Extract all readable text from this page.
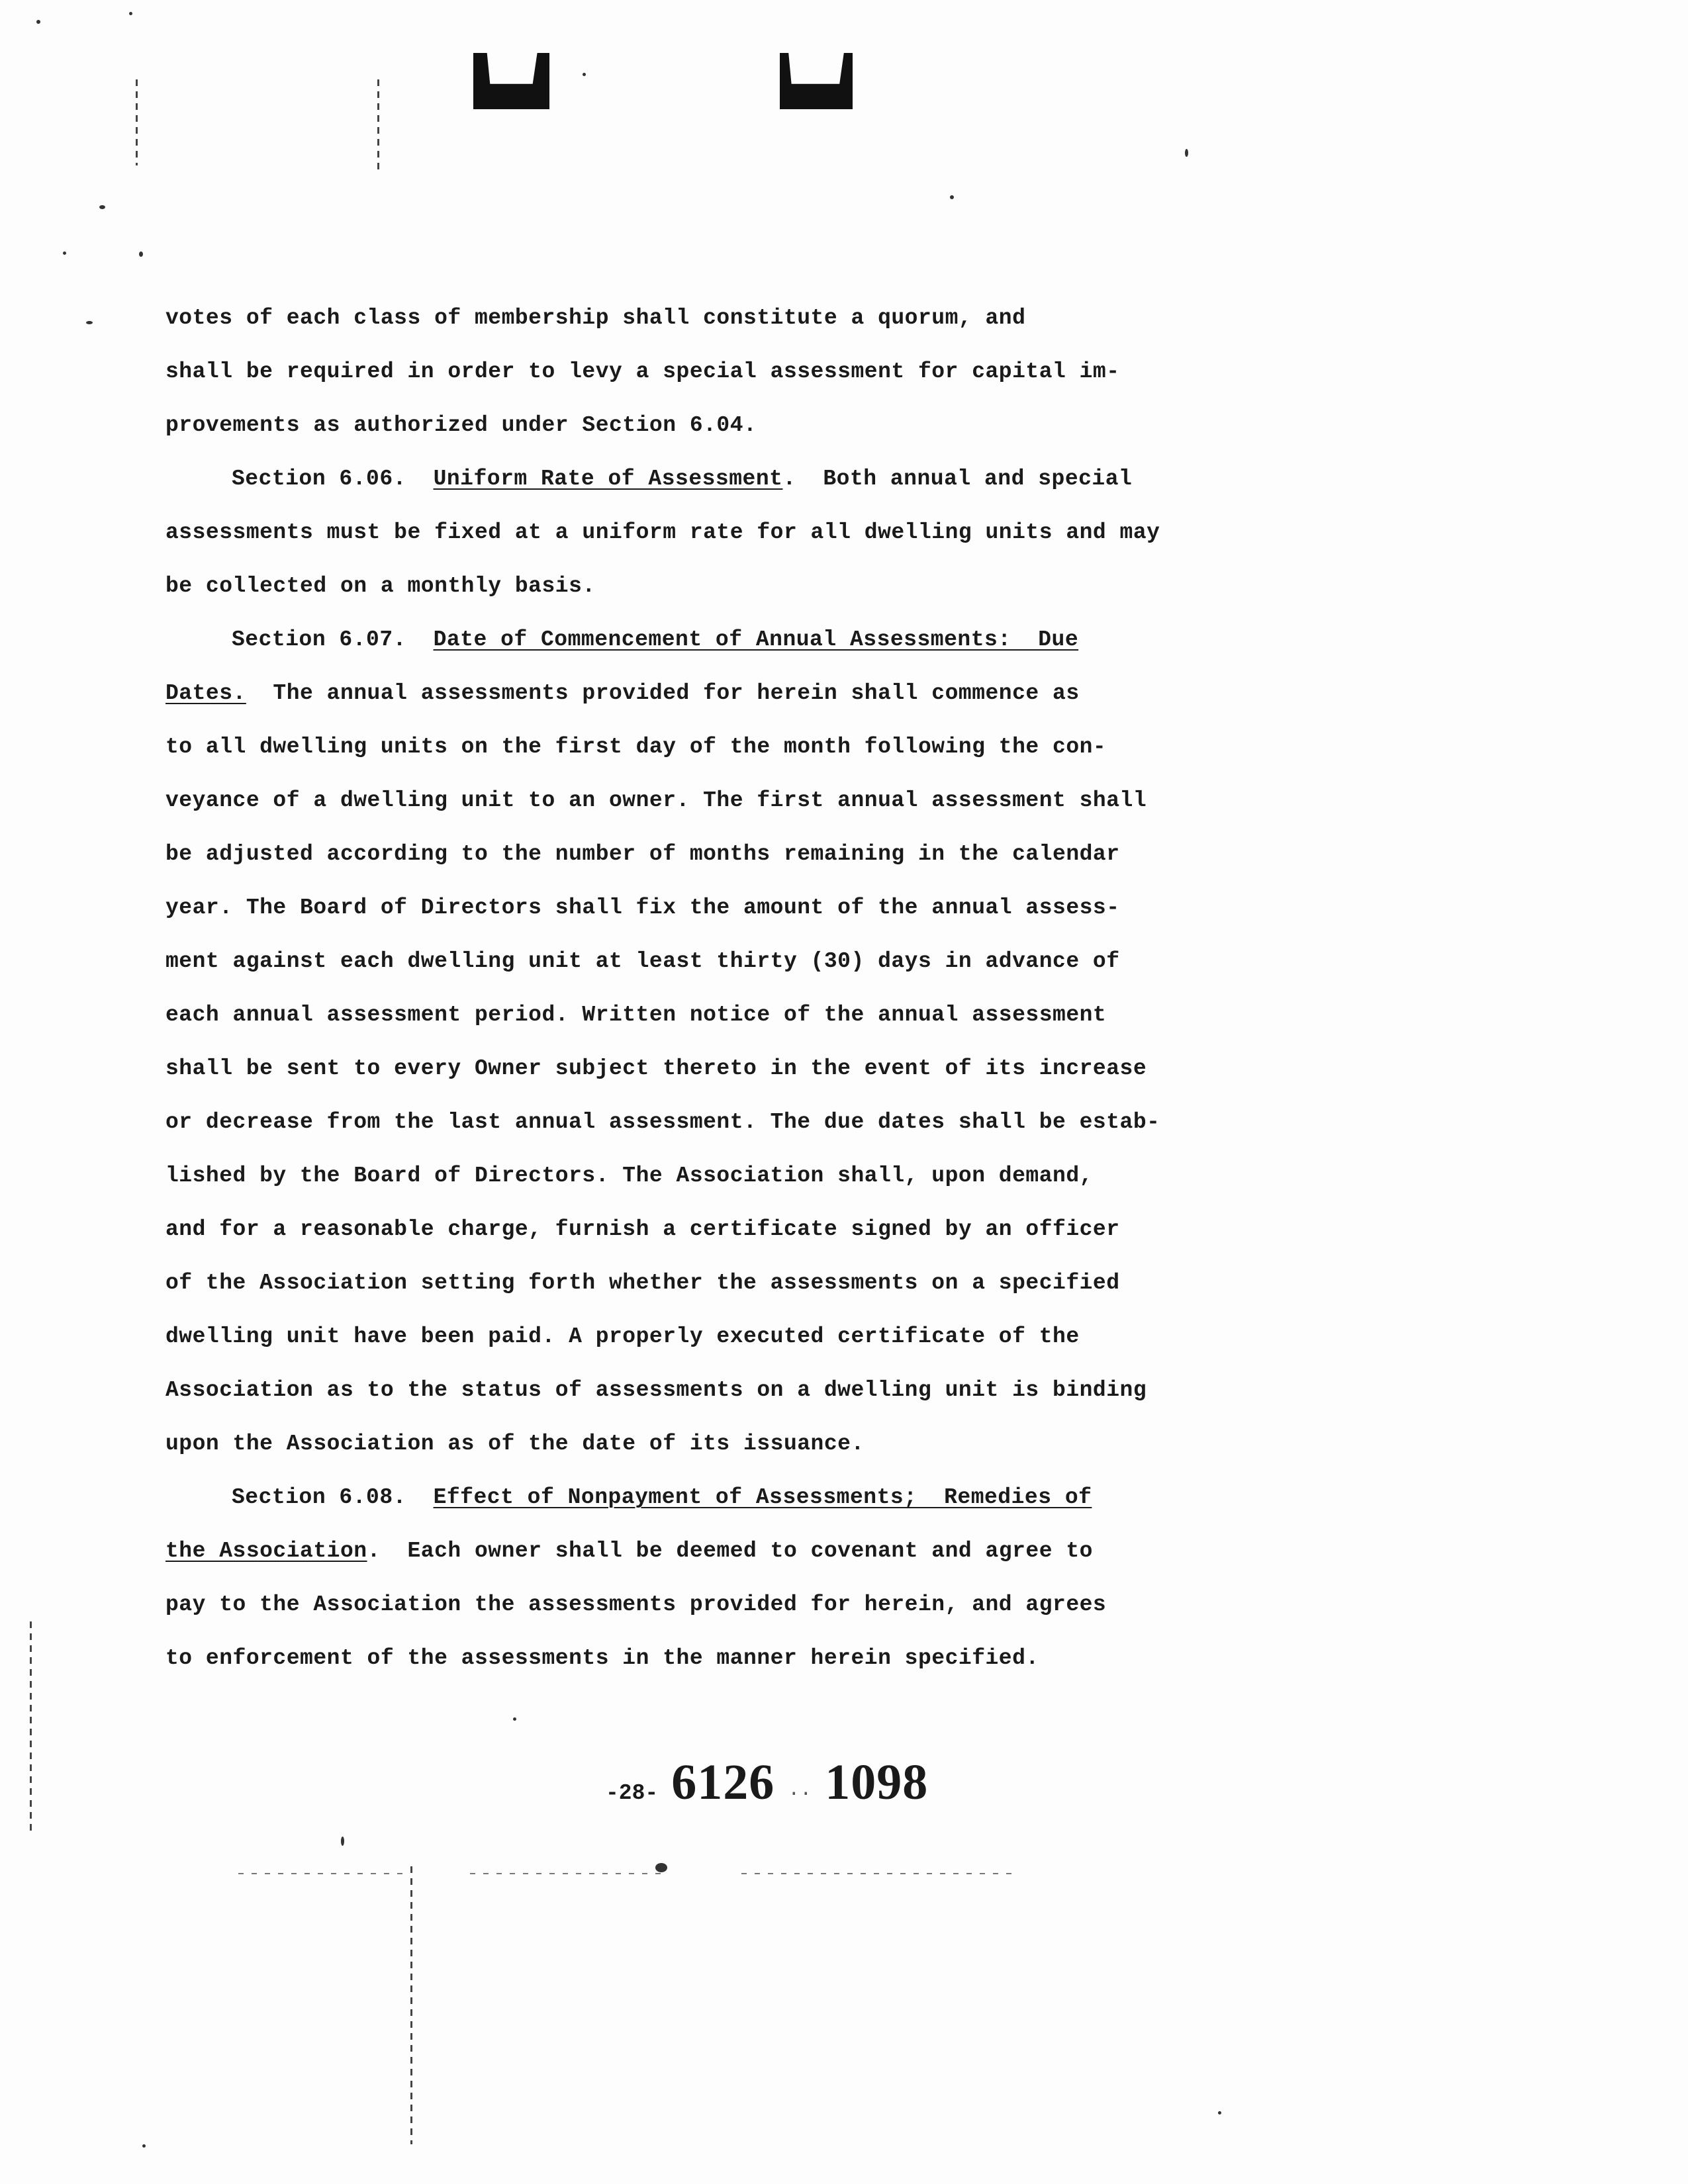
votes of each class of membership shall constitute a quorum, and
shall be required in order to levy a special assessment for capital im-
provements as authorized under Section 6.04.
Section 6.06.  Uniform Rate of Assessment.  Both annual and special
assessments must be fixed at a uniform rate for all dwelling units and may
be collected on a monthly basis.
Section 6.07.  Date of Commencement of Annual Assessments:  Due
Dates.  The annual assessments provided for herein shall commence as
to all dwelling units on the first day of the month following the con-
veyance of a dwelling unit to an owner. The first annual assessment shall
be adjusted according to the number of months remaining in the calendar
year. The Board of Directors shall fix the amount of the annual assess-
ment against each dwelling unit at least thirty (30) days in advance of
each annual assessment period. Written notice of the annual assessment
shall be sent to every Owner subject thereto in the event of its increase
or decrease from the last annual assessment. The due dates shall be estab-
lished by the Board of Directors. The Association shall, upon demand,
and for a reasonable charge, furnish a certificate signed by an officer
of the Association setting forth whether the assessments on a specified
dwelling unit have been paid. A properly executed certificate of the
Association as to the status of assessments on a dwelling unit is binding
upon the Association as of the date of its issuance.
Section 6.08.  Effect of Nonpayment of Assessments;  Remedies of
the Association.  Each owner shall be deemed to covenant and agree to
pay to the Association the assessments provided for herein, and agrees
to enforcement of the assessments in the manner herein specified.
-28- 6126 ·· 1098
